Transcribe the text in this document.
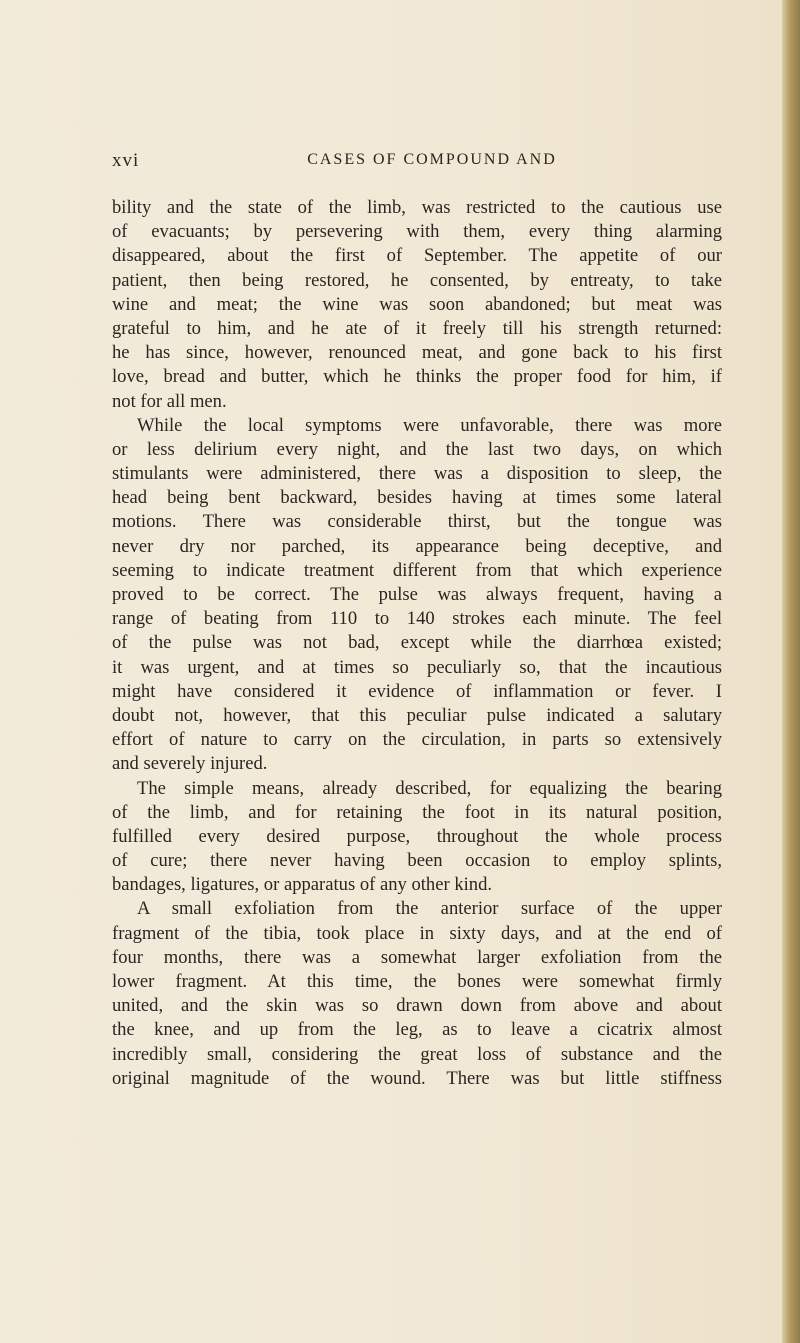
xvi	CASES OF COMPOUND AND
bility and the state of the limb, was restricted to the cautious use
of evacuants; by persevering with them, every thing alarming
disappeared, about the first of September. The appetite of our
patient, then being restored, he consented, by entreaty, to take
wine and meat; the wine was soon abandoned; but meat was
grateful to him, and he ate of it freely till his strength returned:
he has since, however, renounced meat, and gone back to his first
love, bread and butter, which he thinks the proper food for him, if
not for all men.
While the local symptoms were unfavorable, there was more
or less delirium every night, and the last two days, on which
stimulants were administered, there was a disposition to sleep, the
head being bent backward, besides having at times some lateral
motions. There was considerable thirst, but the tongue was
never dry nor parched, its appearance being deceptive, and
seeming to indicate treatment different from that which experience
proved to be correct. The pulse was always frequent, having a
range of beating from 110 to 140 strokes each minute. The feel
of the pulse was not bad, except while the diarrhœa existed;
it was urgent, and at times so peculiarly so, that the incautious
might have considered it evidence of inflammation or fever. I
doubt not, however, that this peculiar pulse indicated a salutary
effort of nature to carry on the circulation, in parts so extensively
and severely injured.
The simple means, already described, for equalizing the bearing
of the limb, and for retaining the foot in its natural position,
fulfilled every desired purpose, throughout the whole process
of cure; there never having been occasion to employ splints,
bandages, ligatures, or apparatus of any other kind.
A small exfoliation from the anterior surface of the upper
fragment of the tibia, took place in sixty days, and at the end of
four months, there was a somewhat larger exfoliation from the
lower fragment. At this time, the bones were somewhat firmly
united, and the skin was so drawn down from above and about
the knee, and up from the leg, as to leave a cicatrix almost
incredibly small, considering the great loss of substance and the
original magnitude of the wound. There was but little stiffness
